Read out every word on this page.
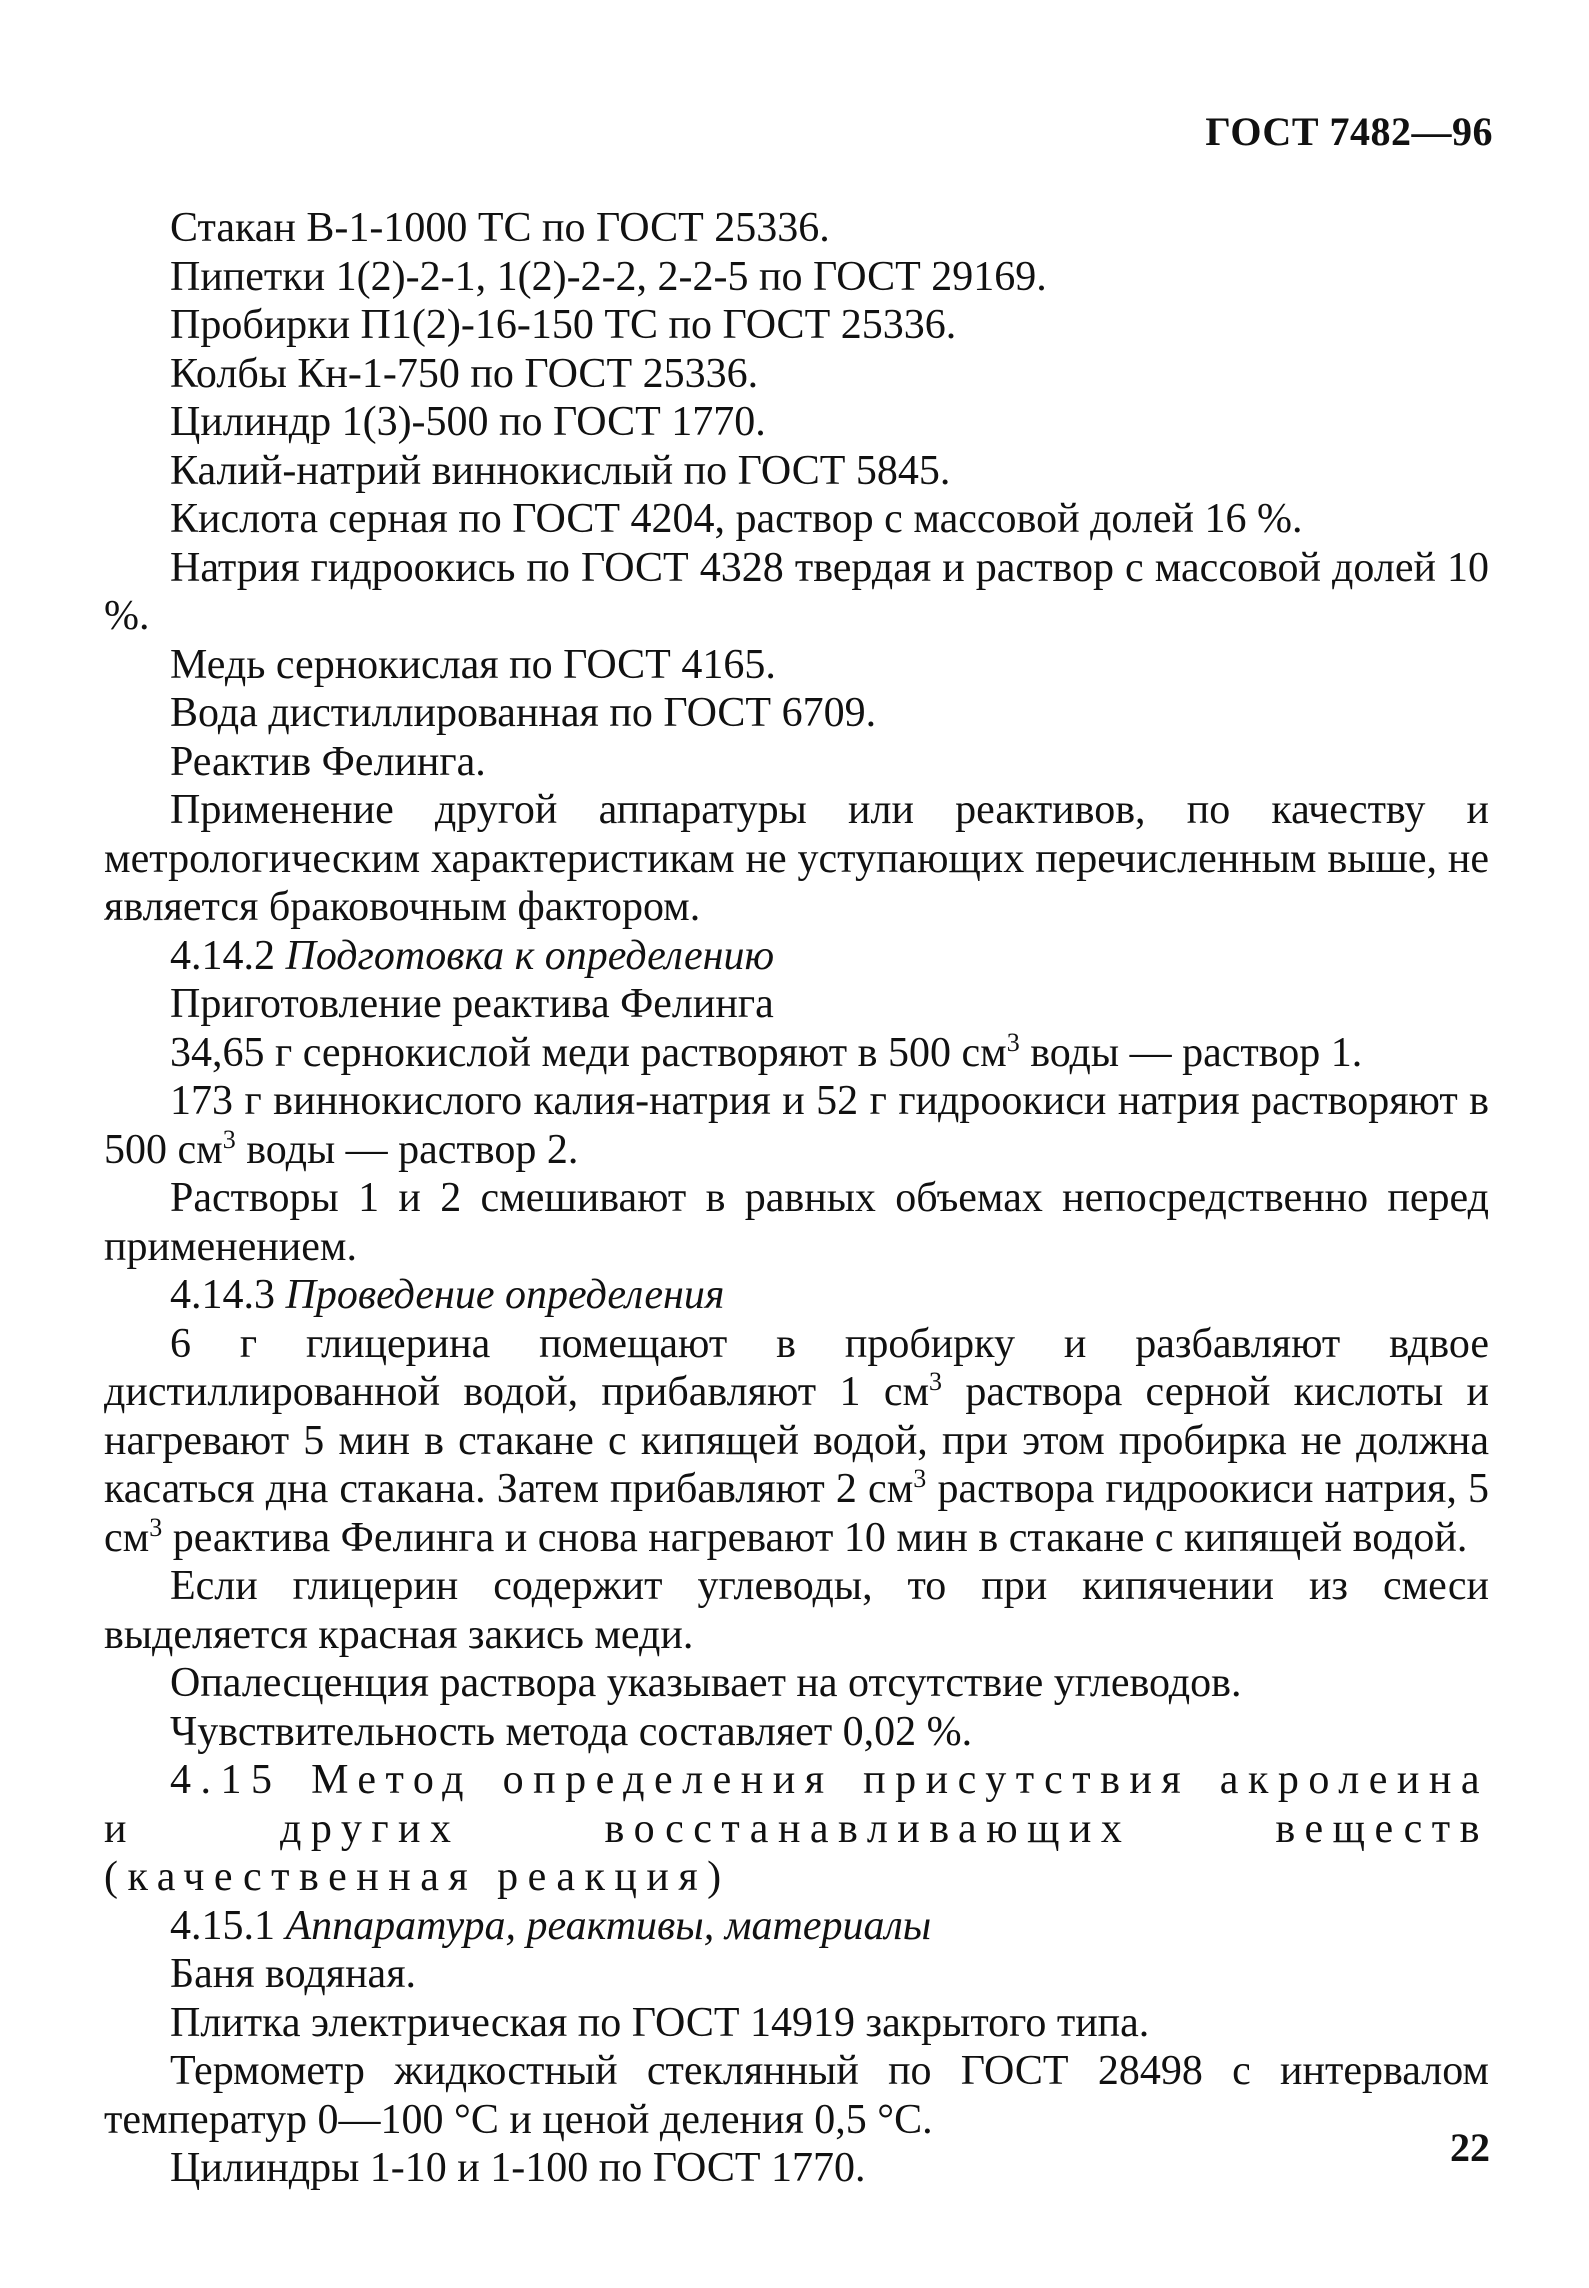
ГОСТ 7482—96

Стакан В-1-1000 ТС по ГОСТ 25336.

Пипетки 1(2)-2-1, 1(2)-2-2, 2-2-5 по ГОСТ 29169.

Пробирки П1(2)-16-150 ТС по ГОСТ 25336.

Колбы Кн-1-750 по ГОСТ 25336.

Цилиндр 1(3)-500 по ГОСТ 1770.

Калий-натрий виннокислый по ГОСТ 5845.

Кислота серная по ГОСТ 4204, раствор с массовой долей 16 %.

Натрия гидроокись по ГОСТ 4328 твердая и раствор с массовой долей 10 %.

Медь сернокислая по ГОСТ 4165.

Вода дистиллированная по ГОСТ 6709.

Реактив Фелинга.

Применение другой аппаратуры или реактивов, по качеству и метрологическим характеристикам не уступающих перечисленным выше, не является браковочным фактором.

4.14.2 Подготовка к определению

Приготовление реактива Фелинга

34,65 г сернокислой меди растворяют в 500 $см^3$ воды — раствор 1.

173 г виннокислого калия-натрия и 52 г гидроокиси натрия растворяют в 500 $см^3$ воды — раствор 2.

Растворы 1 и 2 смешивают в равных объемах непосредственно перед применением.

4.14.3 Проведение определения

6 г глицерина помещают в пробирку и разбавляют вдвое дистиллированной водой, прибавляют 1 $см^3$ раствора серной кислоты и нагревают 5 мин в стакане с кипящей водой, при этом пробирка не должна касаться дна стакана. Затем прибавляют 2 $см^3$ раствора гидроокиси натрия, 5 $см^3$ реактива Фелинга и снова нагревают 10 мин в стакане с кипящей водой.

Если глицерин содержит углеводы, то при кипячении из смеси выделяется красная закись меди.

Опалесценция раствора указывает на отсутствие углеводов.

Чувствительность метода составляет 0,02 %.

4.15 Метод определения присутствия акролеина и других восстанавливающих веществ (качественная реакция)

4.15.1 Аппаратура, реактивы, материалы

Баня водяная.

Плитка электрическая по ГОСТ 14919 закрытого типа.

Термометр жидкостный стеклянный по ГОСТ 28498 с интервалом температур 0—100 °С и ценой деления 0,5 °С.

Цилиндры 1-10 и 1-100 по ГОСТ 1770.	22
